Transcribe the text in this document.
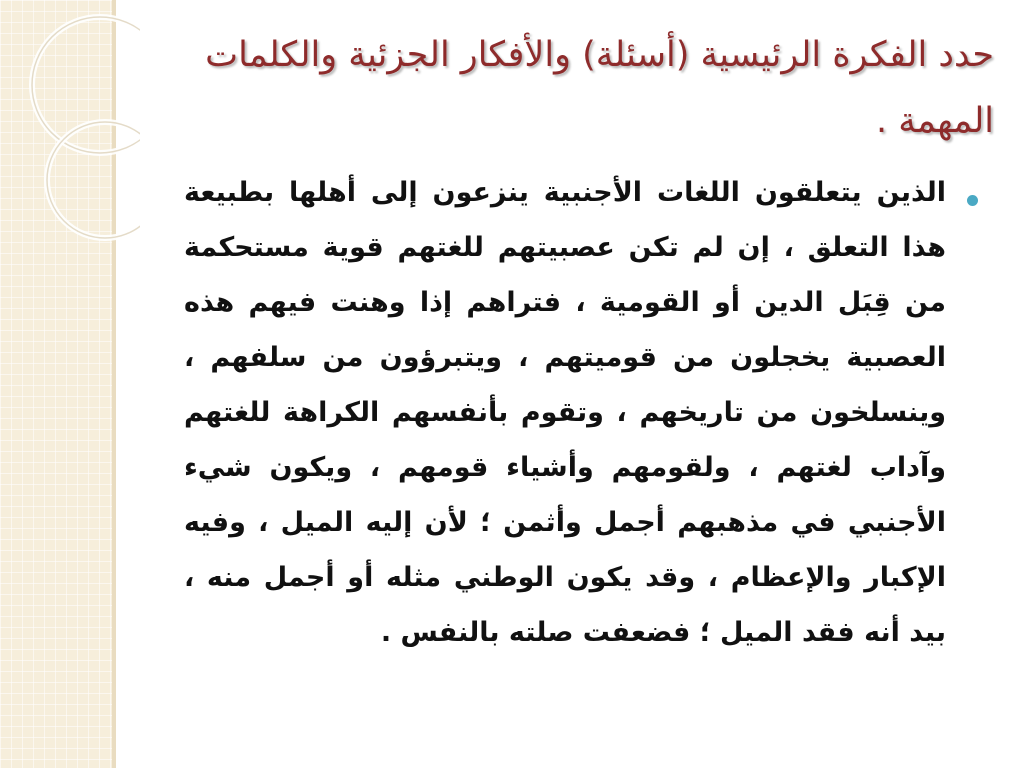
حدد الفكرة الرئيسية (أسئلة) والأفكار الجزئية والكلمات المهمة .

الذين يتعلقون اللغات الأجنبية ينزعون إلى أهلها بطبيعة هذا التعلق ، إن لم تكن عصبيتهم للغتهم قوية مستحكمة من قِبَل الدين أو القومية ، فتراهم إذا وهنت فيهم هذه العصبية يخجلون من قوميتهم ، ويتبرؤون من سلفهم ، وينسلخون من تاريخهم ، وتقوم بأنفسهم الكراهة للغتهم وآداب لغتهم ، ولقومهم وأشياء قومهم ، ويكون شيء الأجنبي في مذهبهم أجمل وأثمن ؛ لأن إليه الميل ، وفيه الإكبار والإعظام ، وقد يكون الوطني مثله أو أجمل منه ، بيد أنه فقد الميل ؛ فضعفت صلته بالنفس .
